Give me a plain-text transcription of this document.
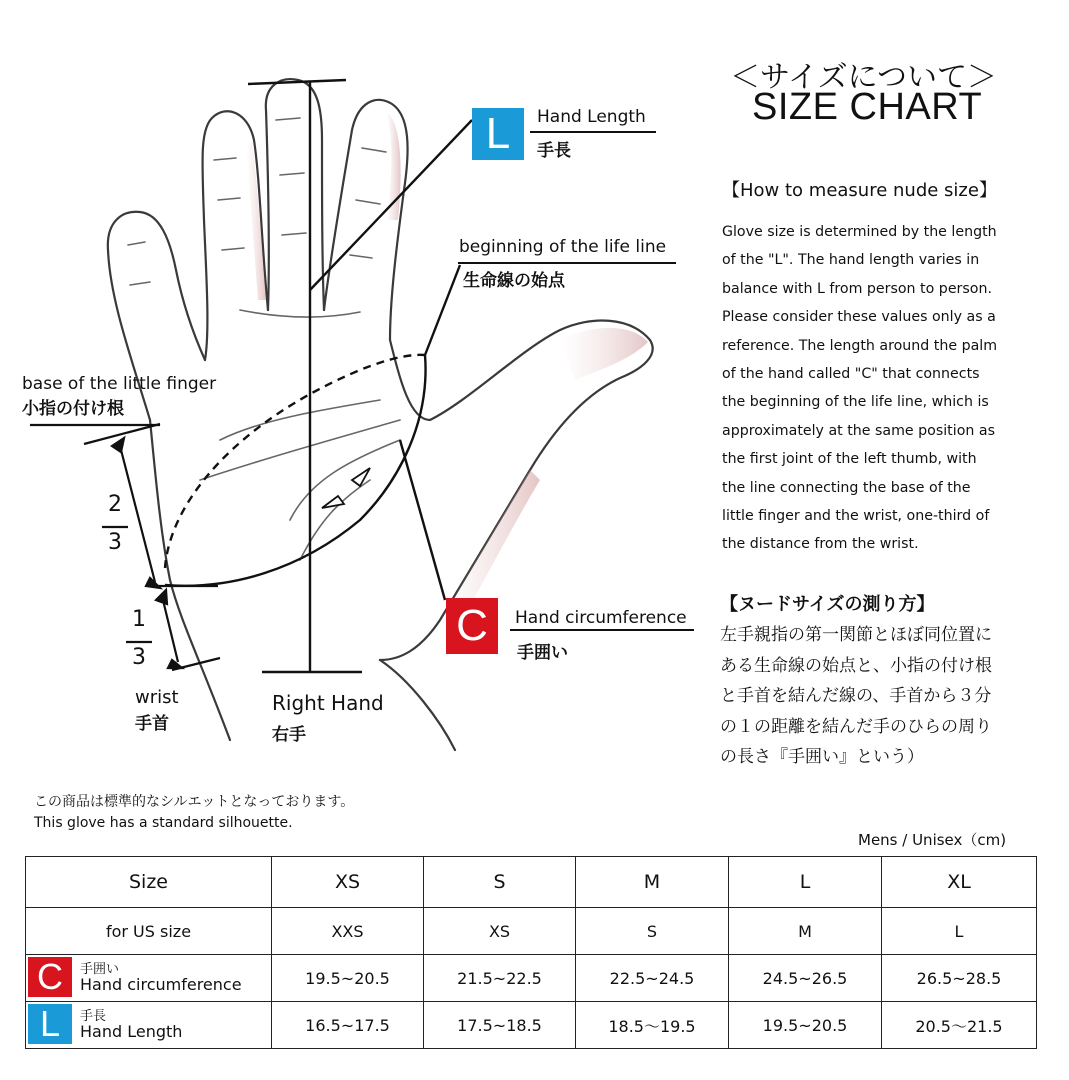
L
C
Hand Length
手長
beginning of the life line
生命線の始点
base of the little finger
小指の付け根
Hand circumference
手囲い
wrist
手首
Right Hand
右手
2
3
1
3
＜サイズについて＞
SIZE CHART
【How to measure nude size】
Glove size is determined by the length
of the "L". The hand length varies in
balance with L from person to person.
Please consider these values only as a
reference. The length around the palm
of the hand called "C" that connects
the beginning of the life line, which is
approximately at the same position as
the first joint of the left thumb, with
the line connecting the base of the
little finger and the wrist, one-third of
the distance from the wrist.
【ヌードサイズの測り方】
左手親指の第一関節とほぼ同位置に
ある生命線の始点と、小指の付け根
と手首を結んだ線の、手首から３分
の１の距離を結んだ手のひらの周り
の長さ『手囲い』という）
この商品は標準的なシルエットとなっております。
This glove has a standard silhouette.
Mens / Unisex（cm)
Size	XS	S	M	L	XL
for US size	XXS	XS	S	M	L

C 手囲い
Hand circumference	19.5~20.5	21.5~22.5	22.5~24.5	24.5~26.5	26.5~28.5

L 手長
Hand Length	16.5~17.5	17.5~18.5	18.5〜19.5	19.5~20.5	20.5〜21.5
